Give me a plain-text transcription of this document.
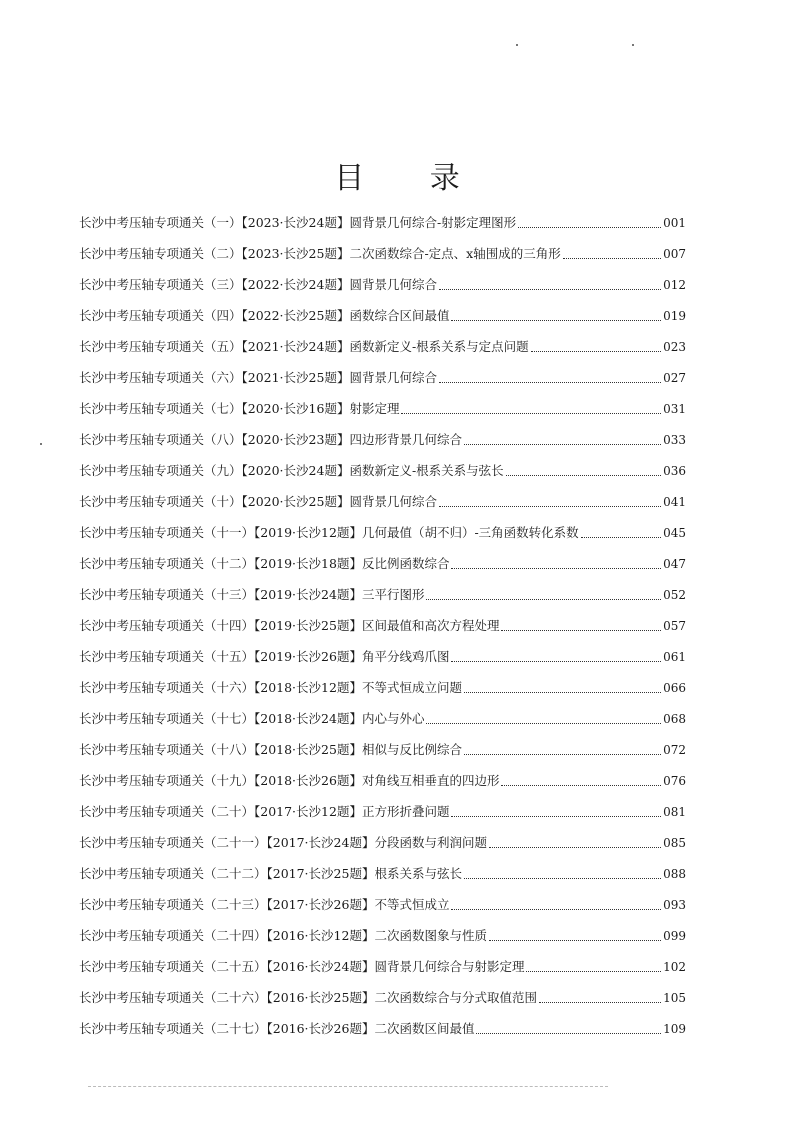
目 录
长沙中考压轴专项通关（一）【2023·长沙24题】圆背景几何综合-射影定理图形	001
长沙中考压轴专项通关（二）【2023·长沙25题】二次函数综合-定点、x轴围成的三角形	007
长沙中考压轴专项通关（三）【2022·长沙24题】圆背景几何综合	012
长沙中考压轴专项通关（四）【2022·长沙25题】函数综合区间最值	019
长沙中考压轴专项通关（五）【2021·长沙24题】函数新定义-根系关系与定点问题	023
长沙中考压轴专项通关（六）【2021·长沙25题】圆背景几何综合	027
长沙中考压轴专项通关（七）【2020·长沙16题】射影定理	031
长沙中考压轴专项通关（八）【2020·长沙23题】四边形背景几何综合	033
长沙中考压轴专项通关（九）【2020·长沙24题】函数新定义-根系关系与弦长	036
长沙中考压轴专项通关（十）【2020·长沙25题】圆背景几何综合	041
长沙中考压轴专项通关（十一）【2019·长沙12题】几何最值（胡不归）-三角函数转化系数	045
长沙中考压轴专项通关（十二）【2019·长沙18题】反比例函数综合	047
长沙中考压轴专项通关（十三）【2019·长沙24题】三平行图形	052
长沙中考压轴专项通关（十四）【2019·长沙25题】区间最值和高次方程处理	057
长沙中考压轴专项通关（十五）【2019·长沙26题】角平分线鸡爪图	061
长沙中考压轴专项通关（十六）【2018·长沙12题】不等式恒成立问题	066
长沙中考压轴专项通关（十七）【2018·长沙24题】内心与外心	068
长沙中考压轴专项通关（十八）【2018·长沙25题】相似与反比例综合	072
长沙中考压轴专项通关（十九）【2018·长沙26题】对角线互相垂直的四边形	076
长沙中考压轴专项通关（二十）【2017·长沙12题】正方形折叠问题	081
长沙中考压轴专项通关（二十一）【2017·长沙24题】分段函数与利润问题	085
长沙中考压轴专项通关（二十二）【2017·长沙25题】根系关系与弦长	088
长沙中考压轴专项通关（二十三）【2017·长沙26题】不等式恒成立	093
长沙中考压轴专项通关（二十四）【2016·长沙12题】二次函数图象与性质	099
长沙中考压轴专项通关（二十五）【2016·长沙24题】圆背景几何综合与射影定理	102
长沙中考压轴专项通关（二十六）【2016·长沙25题】二次函数综合与分式取值范围	105
长沙中考压轴专项通关（二十七）【2016·长沙26题】二次函数区间最值	109
